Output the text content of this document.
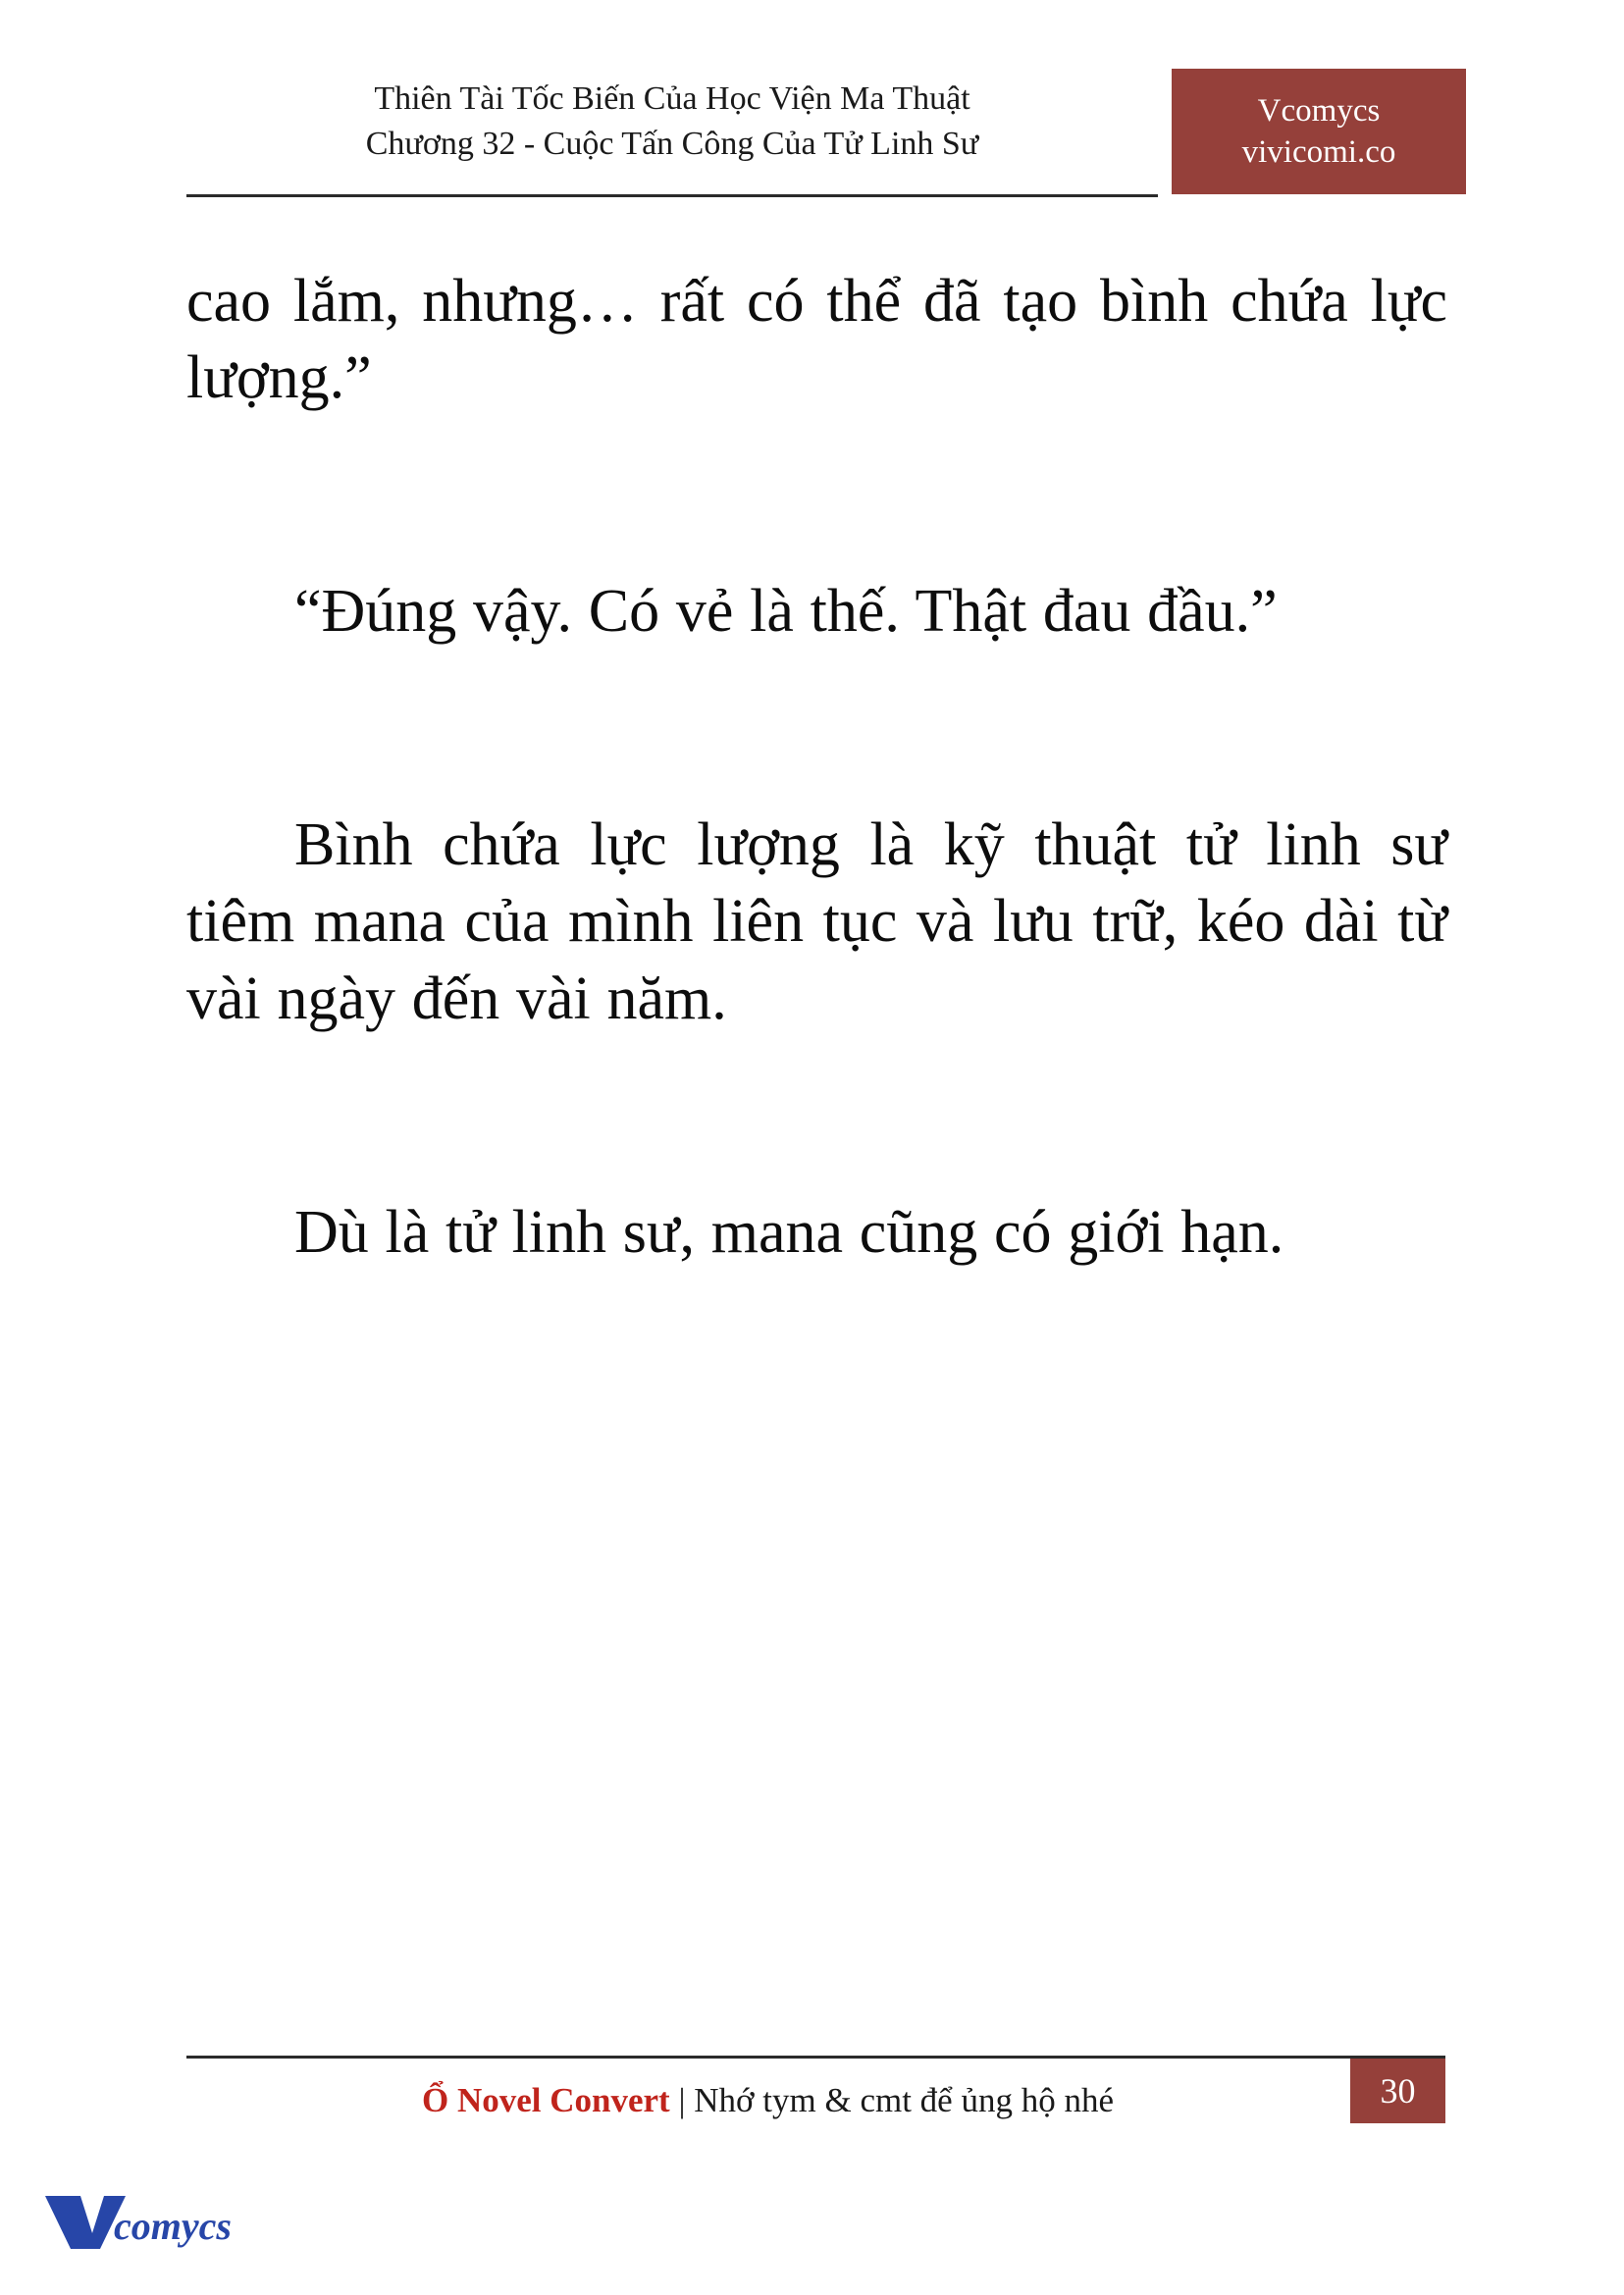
Thiên Tài Tốc Biến Của Học Viện Ma Thuật
Chương 32 - Cuộc Tấn Công Của Tử Linh Sư
Vcomycs
vivicomi.co

cao lắm, nhưng… rất có thể đã tạo bình chứa lực lượng.”

“Đúng vậy. Có vẻ là thế. Thật đau đầu.”

Bình chứa lực lượng là kỹ thuật tử linh sư tiêm mana của mình liên tục và lưu trữ, kéo dài từ vài ngày đến vài năm.

Dù là tử linh sư, mana cũng có giới hạn.

Ổ Novel Convert | Nhớ tym & cmt để ủng hộ nhé	30
comycs
